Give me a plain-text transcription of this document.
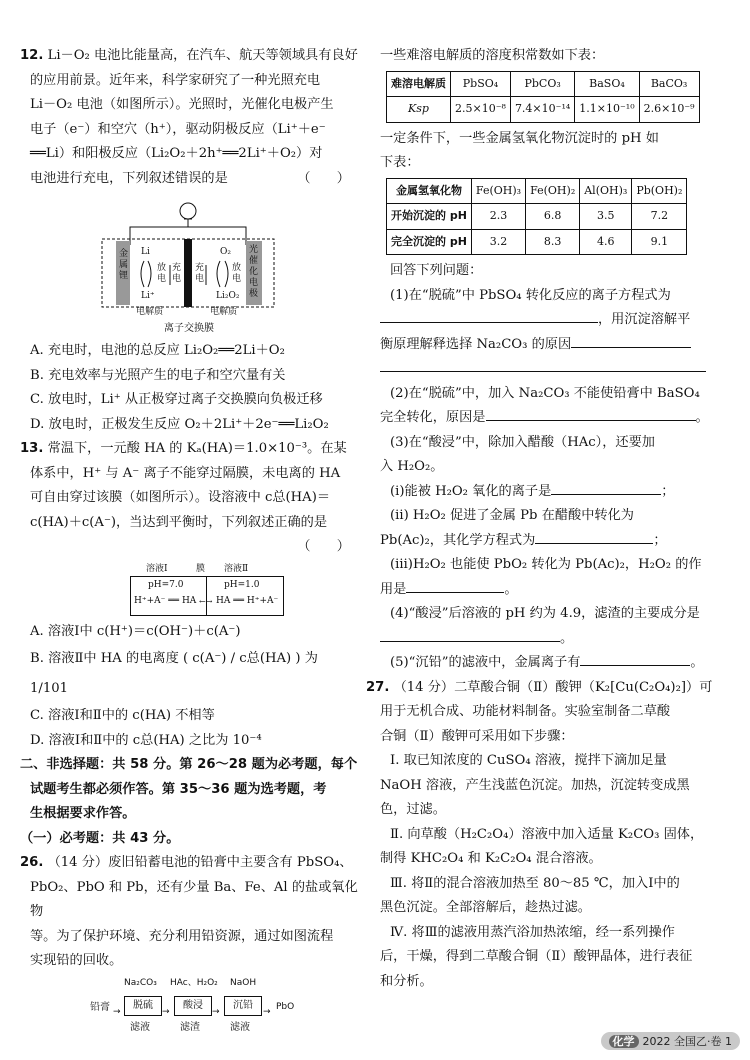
12. Li－O₂ 电池比能量高，在汽车、航天等领域具有良好

的应用前景。近年来，科学家研究了一种光照充电

Li－O₂ 电池（如图所示）。光照时，光催化电极产生

电子（e⁻）和空穴（h⁺），驱动阴极反应（Li⁺＋e⁻

══Li）和阳极反应（Li₂O₂＋2h⁺══2Li⁺＋O₂）对

电池进行充电，下列叙述错误的是	（　　）

金属锂
光催化电极
Li
放电
充电
Li⁺
充电
放电
O₂
Li₂O₂
电解质	电解质

离子交换膜

A. 充电时，电池的总反应 Li₂O₂══2Li＋O₂

B. 充电效率与光照产生的电子和空穴量有关

C. 放电时，Li⁺ 从正极穿过离子交换膜向负极迁移

D. 放电时，正极发生反应 O₂＋2Li⁺＋2e⁻══Li₂O₂

13. 常温下，一元酸 HA 的 Kₐ(HA)＝1.0×10⁻³。在某

体系中，H⁺ 与 A⁻ 离子不能穿过隔膜，未电离的 HA

可自由穿过该膜（如图所示）。设溶液中 c总(HA)＝

c(HA)＋c(A⁻)，当达到平衡时，下列叙述正确的是

（　　）

溶液Ⅰ	膜 溶液Ⅱ
pH=7.0	pH=1.0
H⁺+A⁻ ══ HA ←→ HA ══ H⁺+A⁻

A. 溶液Ⅰ中 c(H⁺)＝c(OH⁻)＋c(A⁻)

B. 溶液Ⅱ中 HA 的电离度 ( c(A⁻) / c总(HA) ) 为 1/101

C. 溶液Ⅰ和Ⅱ中的 c(HA) 不相等

D. 溶液Ⅰ和Ⅱ中的 c总(HA) 之比为 10⁻⁴

二、非选择题：共 58 分。第 26～28 题为必考题，每个

试题考生都必须作答。第 35～36 题为选考题，考

生根据要求作答。

（一）必考题：共 43 分。

26. （14 分）废旧铅蓄电池的铅膏中主要含有 PbSO₄、

PbO₂、PbO 和 Pb，还有少量 Ba、Fe、Al 的盐或氧化物

等。为了保护环境、充分利用铅资源，通过如图流程

实现铅的回收。

Na₂CO₃ HAc、H₂O₂ NaOH
铅膏 →
脱硫
→
酸浸
→
沉铅
→ PbO
滤液	滤渣	滤液

一些难溶电解质的溶度积常数如下表：

难溶电解质	PbSO₄	PbCO₃	BaSO₄	BaCO₃
Ksp	2.5×10⁻⁸	7.4×10⁻¹⁴	1.1×10⁻¹⁰	2.6×10⁻⁹

一定条件下，一些金属氢氧化物沉淀时的 pH 如

下表：

金属氢氧化物	Fe(OH)₃	Fe(OH)₂	Al(OH)₃	Pb(OH)₂
开始沉淀的 pH	2.3	6.8	3.5	7.2
完全沉淀的 pH	3.2	8.3	4.6	9.1

回答下列问题：

(1)在“脱硫”中 PbSO₄ 转化反应的离子方程式为

，用沉淀溶解平

衡原理解释选择 Na₂CO₃ 的原因

(2)在“脱硫”中，加入 Na₂CO₃ 不能使铅膏中 BaSO₄

完全转化，原因是	。

(3)在“酸浸”中，除加入醋酸（HAc），还要加

入 H₂O₂。

(ⅰ)能被 H₂O₂ 氧化的离子是	；

(ⅱ) H₂O₂ 促进了金属 Pb 在醋酸中转化为

Pb(Ac)₂，其化学方程式为	；

(ⅲ)H₂O₂ 也能使 PbO₂ 转化为 Pb(Ac)₂，H₂O₂ 的作

用是	。

(4)“酸浸”后溶液的 pH 约为 4.9，滤渣的主要成分是

。

(5)“沉铅”的滤液中，金属离子有	。

27. （14 分）二草酸合铜（Ⅱ）酸钾（K₂[Cu(C₂O₄)₂]）可

用于无机合成、功能材料制备。实验室制备二草酸

合铜（Ⅱ）酸钾可采用如下步骤：

Ⅰ. 取已知浓度的 CuSO₄ 溶液，搅拌下滴加足量

NaOH 溶液，产生浅蓝色沉淀。加热，沉淀转变成黑

色，过滤。

Ⅱ. 向草酸（H₂C₂O₄）溶液中加入适量 K₂CO₃ 固体，

制得 KHC₂O₄ 和 K₂C₂O₄ 混合溶液。

Ⅲ. 将Ⅱ的混合溶液加热至 80～85 ℃，加入Ⅰ中的

黑色沉淀。全部溶解后，趁热过滤。

Ⅳ. 将Ⅲ的滤液用蒸汽浴加热浓缩，经一系列操作

后，干燥，得到二草酸合铜（Ⅱ）酸钾晶体，进行表征

和分析。

化学 2022 全国乙·卷 1
